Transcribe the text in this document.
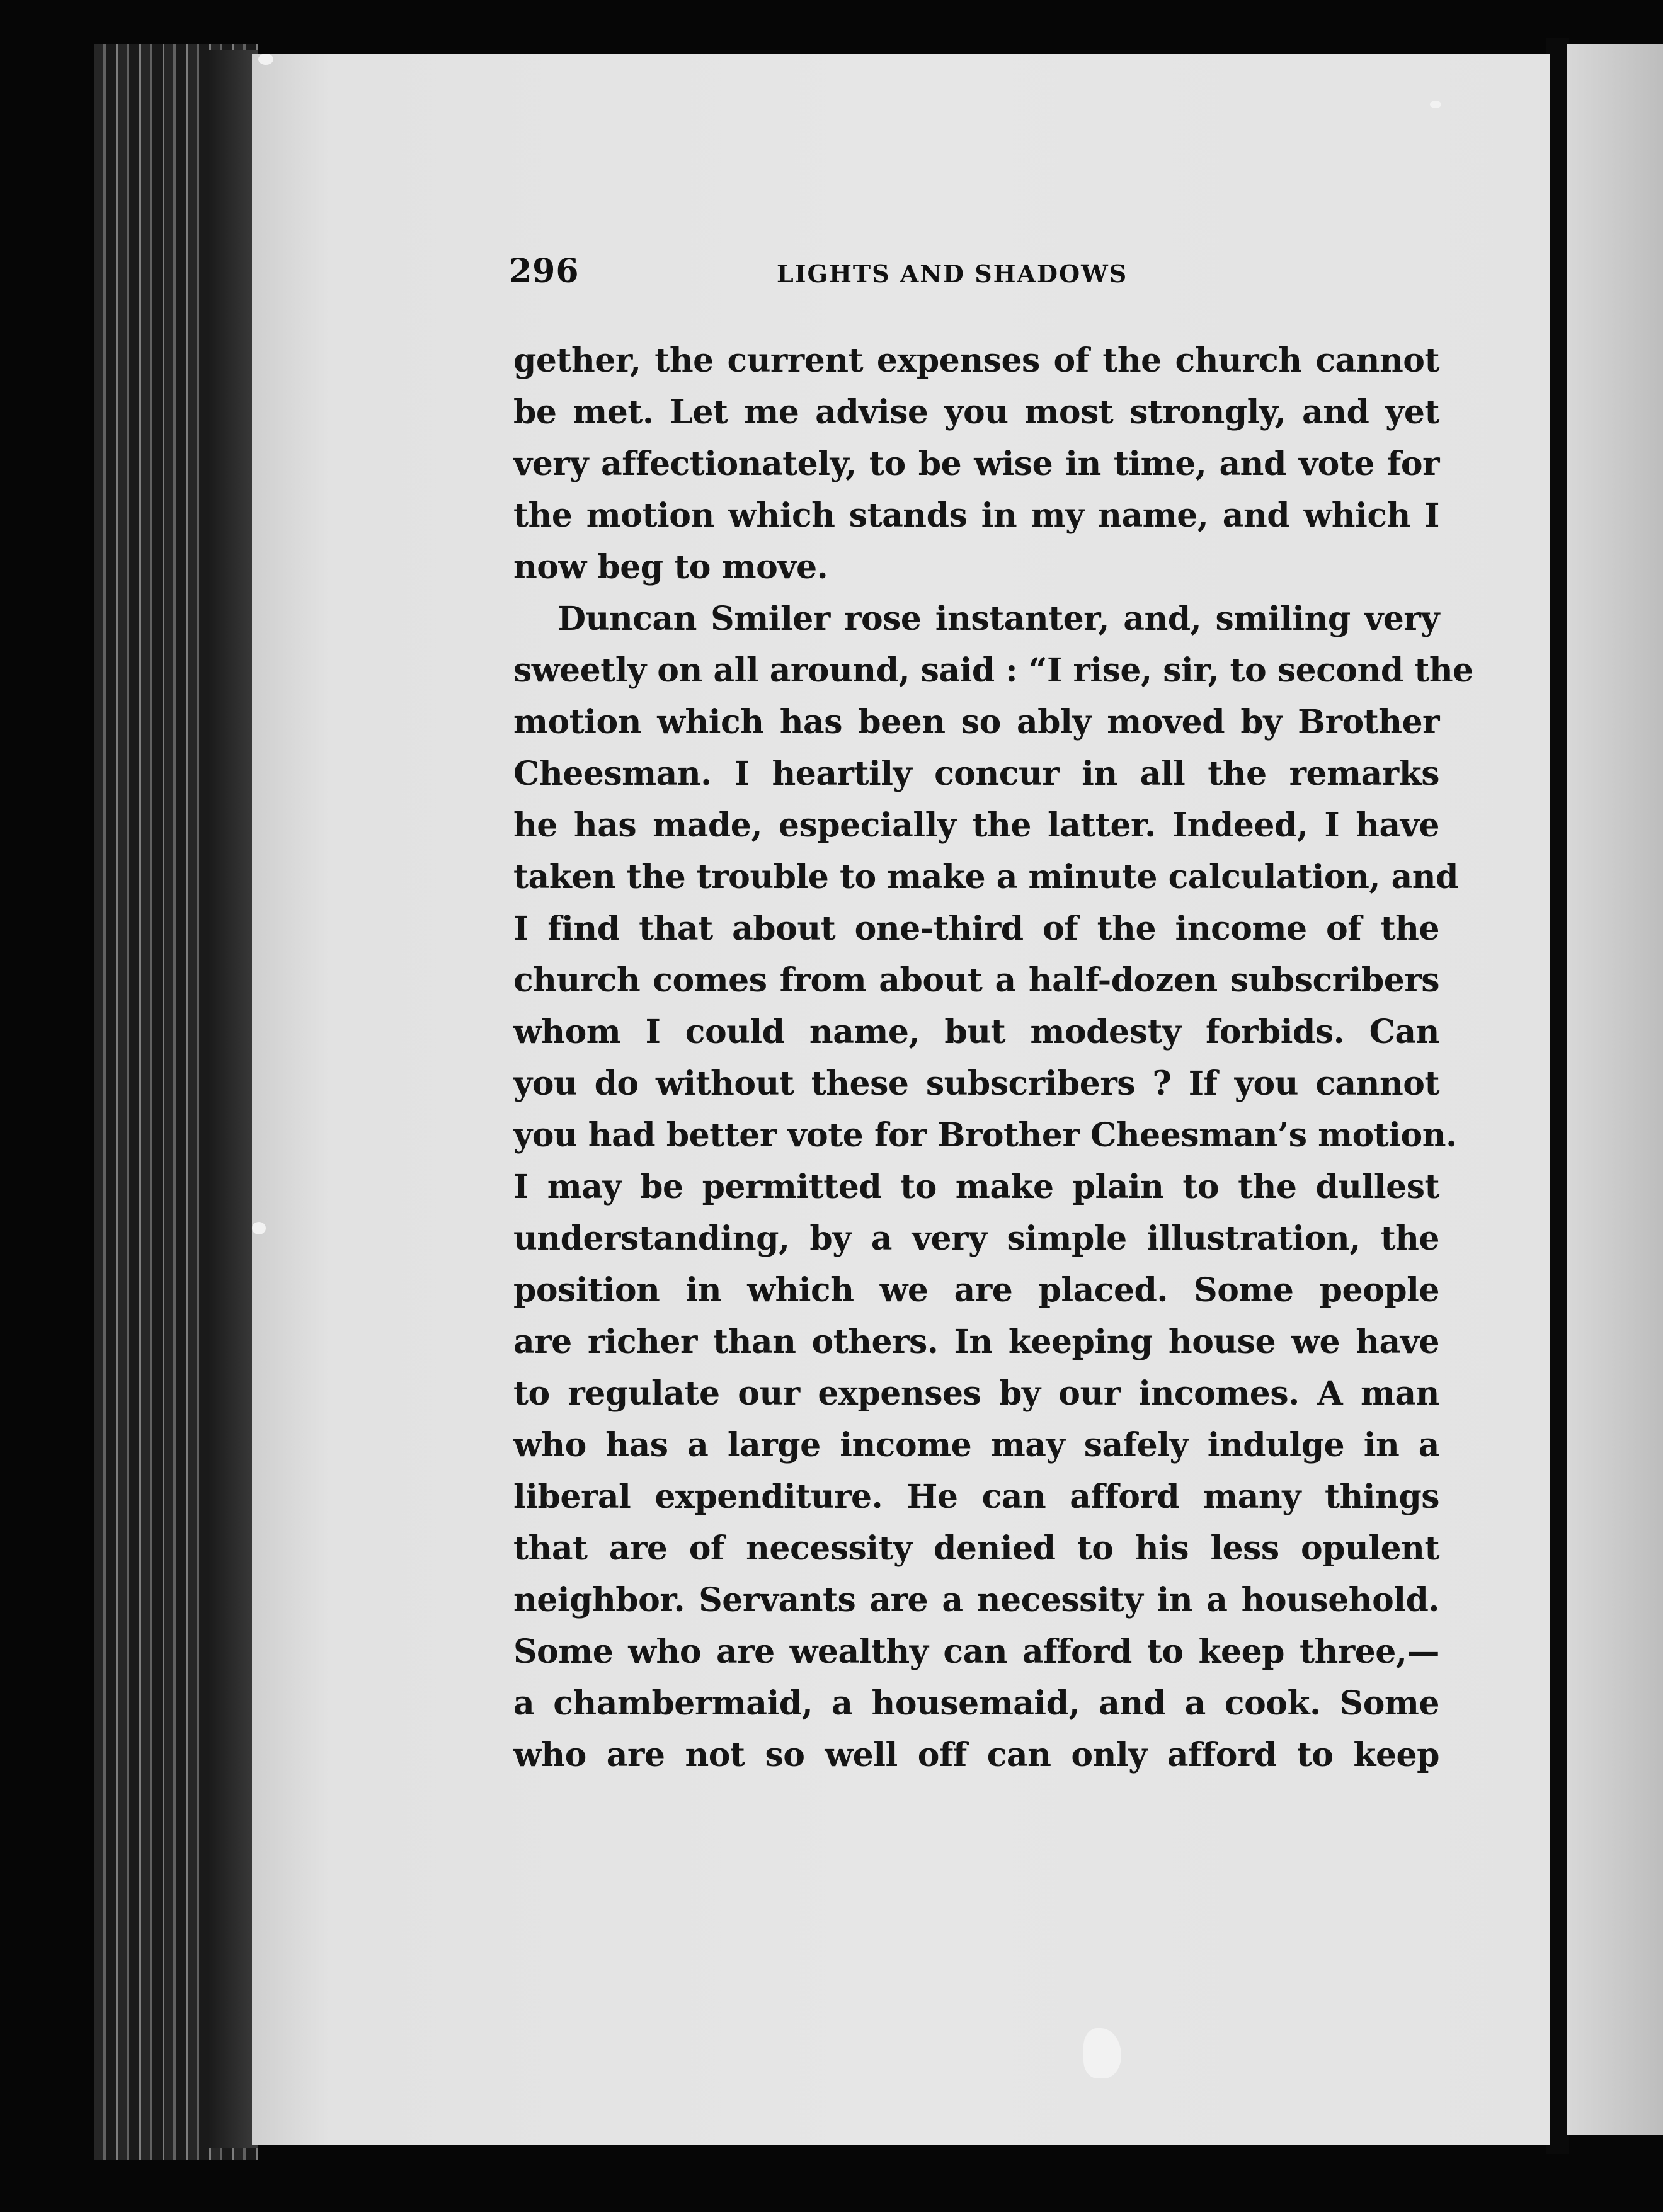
296	LIGHTS AND SHADOWS
gether, the current expenses of the church cannot
be met. Let me advise you most strongly, and yet
very affectionately, to be wise in time, and vote for
the motion which stands in my name, and which I
now beg to move.
Duncan Smiler rose instanter, and, smiling very
sweetly on all around, said : “I rise, sir, to second the
motion which has been so ably moved by Brother
Cheesman. I heartily concur in all the remarks
he has made, especially the latter. Indeed, I have
taken the trouble to make a minute calculation, and
I find that about one-third of the income of the
church comes from about a half-dozen subscribers
whom I could name, but modesty forbids. Can
you do without these subscribers ? If you cannot
you had better vote for Brother Cheesman’s motion.
I may be permitted to make plain to the dullest
understanding, by a very simple illustration, the
position in which we are placed. Some people
are richer than others. In keeping house we have
to regulate our expenses by our incomes. A man
who has a large income may safely indulge in a
liberal expenditure. He can afford many things
that are of necessity denied to his less opulent
neighbor. Servants are a necessity in a household.
Some who are wealthy can afford to keep three,—
a chambermaid, a housemaid, and a cook. Some
who are not so well off can only afford to keep
